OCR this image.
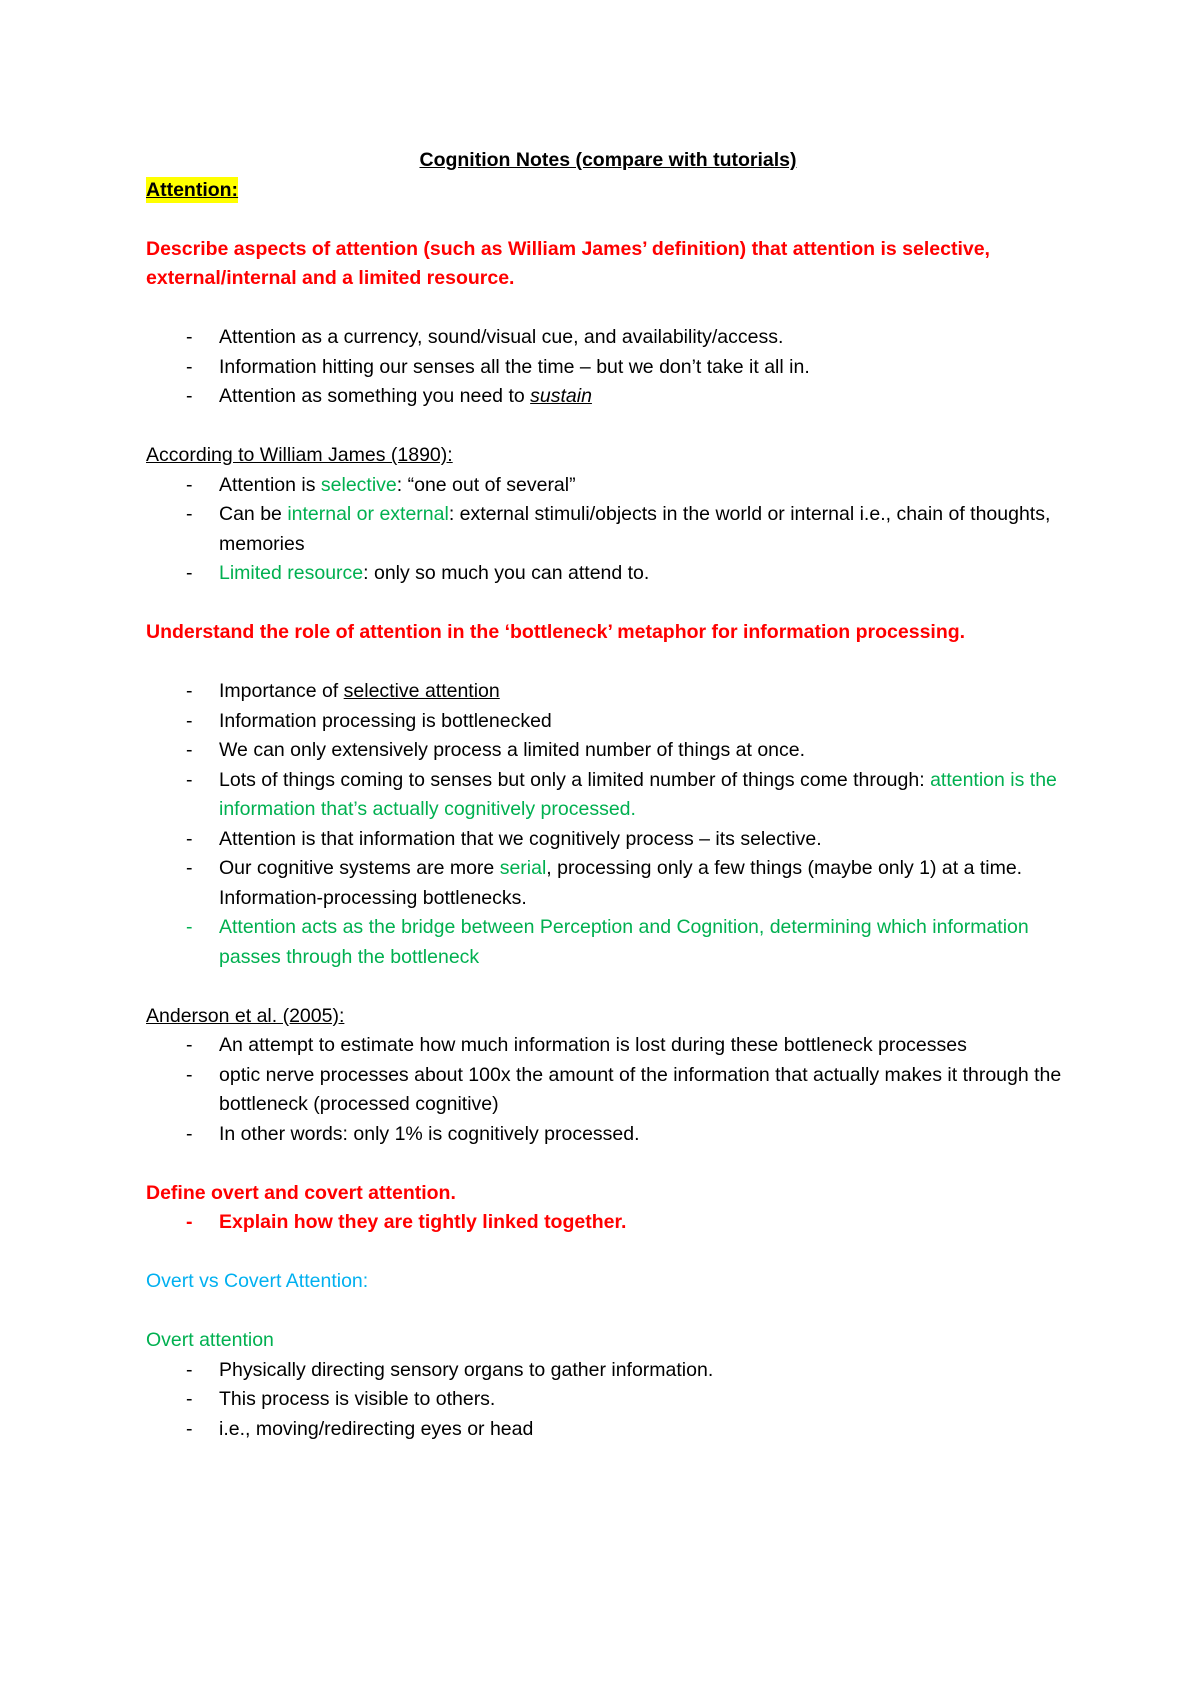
Cognition Notes (compare with tutorials)

Attention:

Describe aspects of attention (such as William James’ definition) that attention is selective, external/internal and a limited resource.

- Attention as a currency, sound/visual cue, and availability/access.
- Information hitting our senses all the time – but we don’t take it all in.
- Attention as something you need to sustain

According to William James (1890):

- Attention is selective: “one out of several”
- Can be internal or external: external stimuli/objects in the world or internal i.e., chain of thoughts, memories
- Limited resource: only so much you can attend to.

Understand the role of attention in the ‘bottleneck’ metaphor for information processing.

- Importance of selective attention
- Information processing is bottlenecked
- We can only extensively process a limited number of things at once.
- Lots of things coming to senses but only a limited number of things come through: attention is the information that’s actually cognitively processed.
- Attention is that information that we cognitively process – its selective.
- Our cognitive systems are more serial, processing only a few things (maybe only 1) at a time. Information-processing bottlenecks.
- Attention acts as the bridge between Perception and Cognition, determining which information passes through the bottleneck

Anderson et al. (2005):

- An attempt to estimate how much information is lost during these bottleneck processes
- optic nerve processes about 100x the amount of the information that actually makes it through the bottleneck (processed cognitive)
- In other words: only 1% is cognitively processed.

Define overt and covert attention.

- Explain how they are tightly linked together.

Overt vs Covert Attention:

Overt attention

- Physically directing sensory organs to gather information.
- This process is visible to others.
- i.e., moving/redirecting eyes or head
